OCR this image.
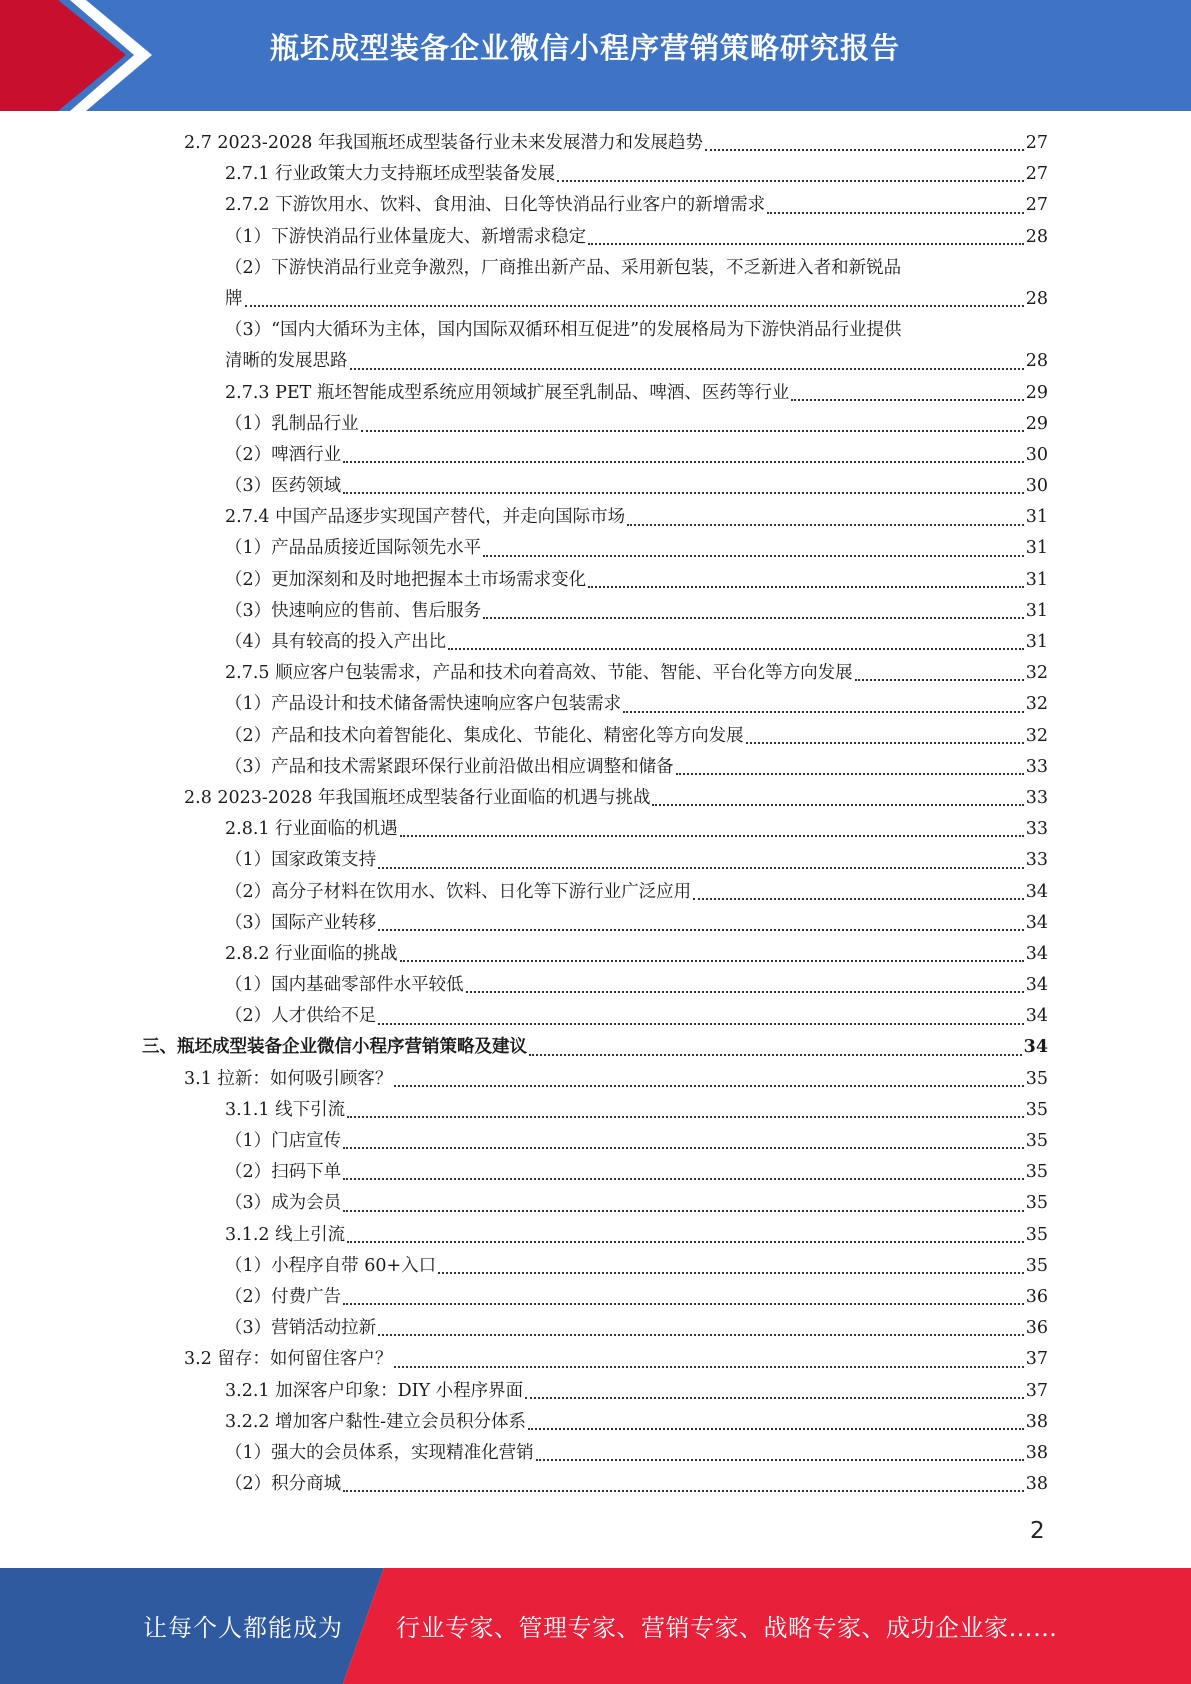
瓶坯成型装备企业微信小程序营销策略研究报告
2.7 2023-2028 年我国瓶坯成型装备行业未来发展潜力和发展趋势	27
2.7.1 行业政策大力支持瓶坯成型装备发展	27
2.7.2 下游饮用水、饮料、食用油、日化等快消品行业客户的新增需求	27
（1）下游快消品行业体量庞大、新增需求稳定	28
（2）下游快消品行业竞争激烈，厂商推出新产品、采用新包装，不乏新进入者和新锐品
牌	28
（3）“国内大循环为主体，国内国际双循环相互促进”的发展格局为下游快消品行业提供
清晰的发展思路	28
2.7.3 PET 瓶坯智能成型系统应用领域扩展至乳制品、啤酒、医药等行业	29
（1）乳制品行业	29
（2）啤酒行业	30
（3）医药领域	30
2.7.4 中国产品逐步实现国产替代，并走向国际市场	31
（1）产品品质接近国际领先水平	31
（2）更加深刻和及时地把握本土市场需求变化	31
（3）快速响应的售前、售后服务	31
（4）具有较高的投入产出比	31
2.7.5 顺应客户包装需求，产品和技术向着高效、节能、智能、平台化等方向发展	32
（1）产品设计和技术储备需快速响应客户包装需求	32
（2）产品和技术向着智能化、集成化、节能化、精密化等方向发展	32
（3）产品和技术需紧跟环保行业前沿做出相应调整和储备	33
2.8 2023-2028 年我国瓶坯成型装备行业面临的机遇与挑战	33
2.8.1 行业面临的机遇	33
（1）国家政策支持	33
（2）高分子材料在饮用水、饮料、日化等下游行业广泛应用	34
（3）国际产业转移	34
2.8.2 行业面临的挑战	34
（1）国内基础零部件水平较低	34
（2）人才供给不足	34
三、瓶坯成型装备企业微信小程序营销策略及建议	34
3.1 拉新：如何吸引顾客？	35
3.1.1 线下引流	35
（1）门店宣传	35
（2）扫码下单	35
（3）成为会员	35
3.1.2 线上引流	35
（1）小程序自带 60+入口	35
（2）付费广告	36
（3）营销活动拉新	36
3.2 留存：如何留住客户？	37
3.2.1 加深客户印象：DIY 小程序界面	37
3.2.2 增加客户黏性-建立会员积分体系	38
（1）强大的会员体系，实现精准化营销	38
（2）积分商城	38
2
让每个人都能成为 行业专家、管理专家、营销专家、战略专家、成功企业家……
